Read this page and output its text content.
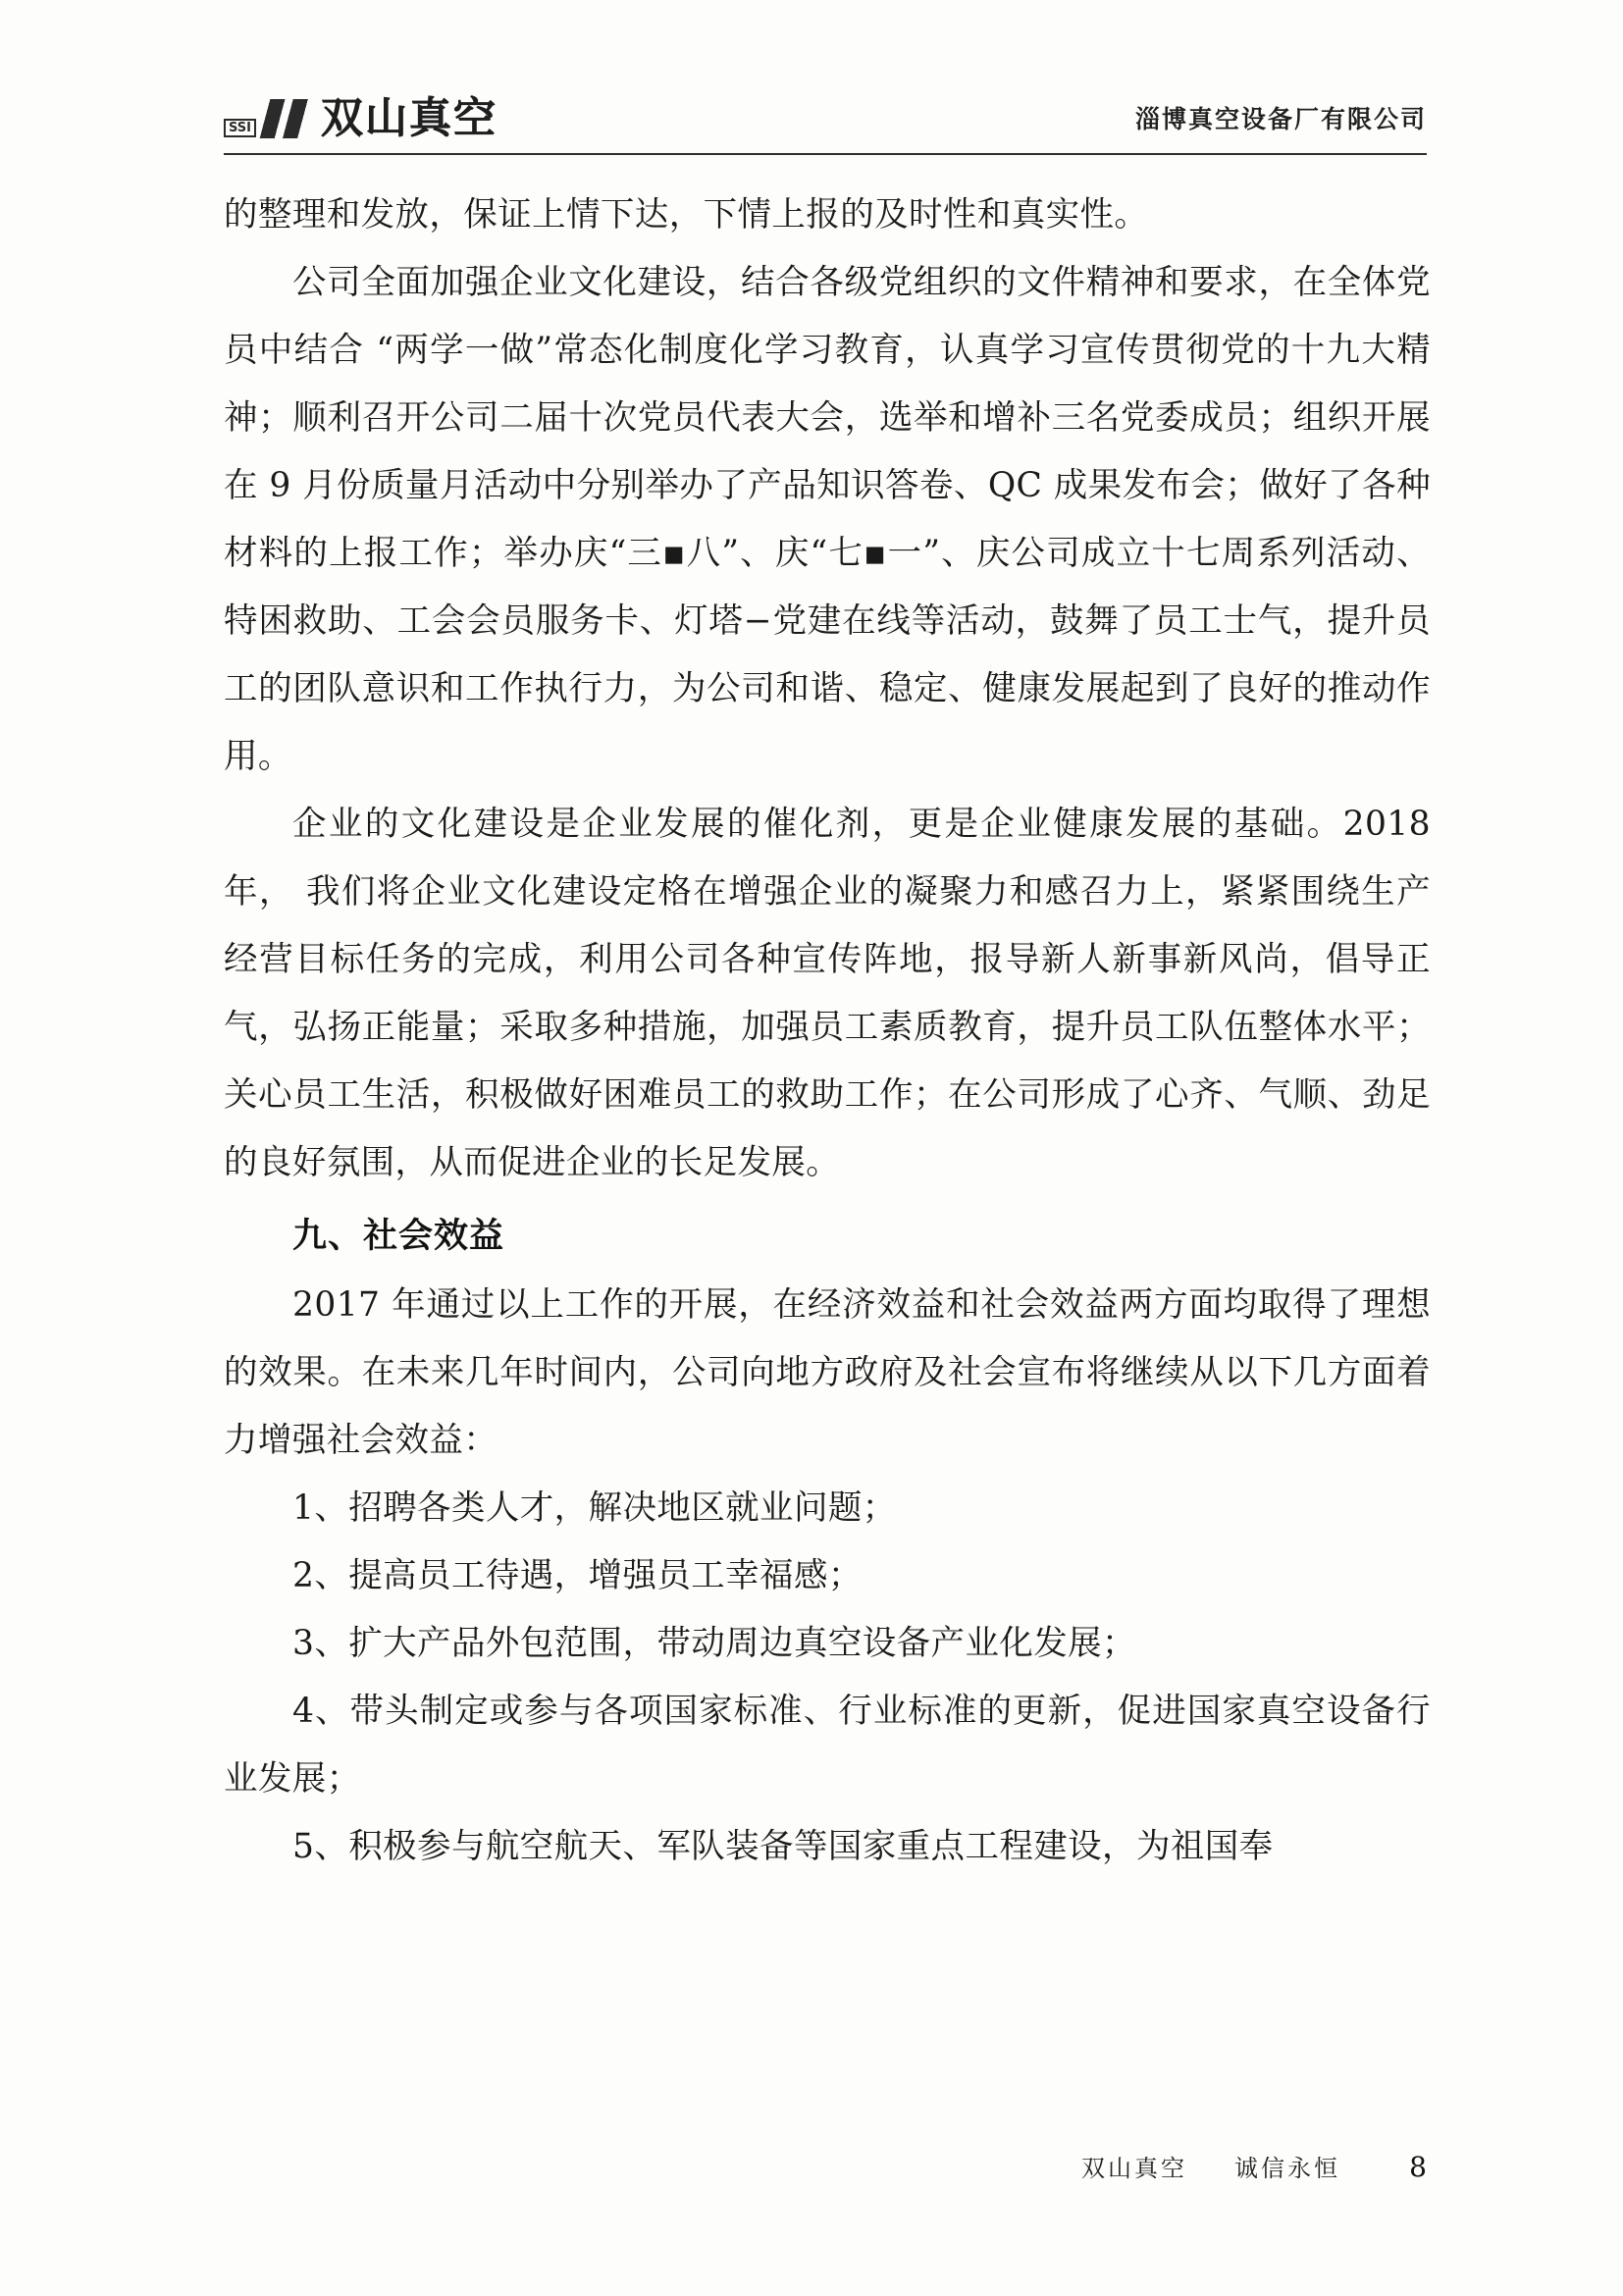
SSI 双山真空	淄博真空设备厂有限公司

的整理和发放，保证上情下达，下情上报的及时性和真实性。

公司全面加强企业文化建设，结合各级党组织的文件精神和要求，在全体党员中结合 “两学一做”常态化制度化学习教育，认真学习宣传贯彻党的十九大精神；顺利召开公司二届十次党员代表大会，选举和增补三名党委成员；组织开展在 9 月份质量月活动中分别举办了产品知识答卷、QC 成果发布会；做好了各种材料的上报工作；举办庆“三▪八”、庆“七▪一”、庆公司成立十七周系列活动、特困救助、工会会员服务卡、灯塔−党建在线等活动，鼓舞了员工士气，提升员工的团队意识和工作执行力，为公司和谐、稳定、健康发展起到了良好的推动作用。

企业的文化建设是企业发展的催化剂，更是企业健康发展的基础。2018 年， 我们将企业文化建设定格在增强企业的凝聚力和感召力上，紧紧围绕生产经营目标任务的完成，利用公司各种宣传阵地，报导新人新事新风尚，倡导正气，弘扬正能量；采取多种措施，加强员工素质教育，提升员工队伍整体水平；关心员工生活，积极做好困难员工的救助工作；在公司形成了心齐、气顺、劲足的良好氛围，从而促进企业的长足发展。

九、社会效益

2017 年通过以上工作的开展，在经济效益和社会效益两方面均取得了理想的效果。在未来几年时间内，公司向地方政府及社会宣布将继续从以下几方面着力增强社会效益：

1、招聘各类人才，解决地区就业问题；

2、提高员工待遇，增强员工幸福感；

3、扩大产品外包范围，带动周边真空设备产业化发展；

4、带头制定或参与各项国家标准、行业标准的更新，促进国家真空设备行业发展；

5、积极参与航空航天、军队装备等国家重点工程建设，为祖国奉

双山真空 诚信永恒	8
